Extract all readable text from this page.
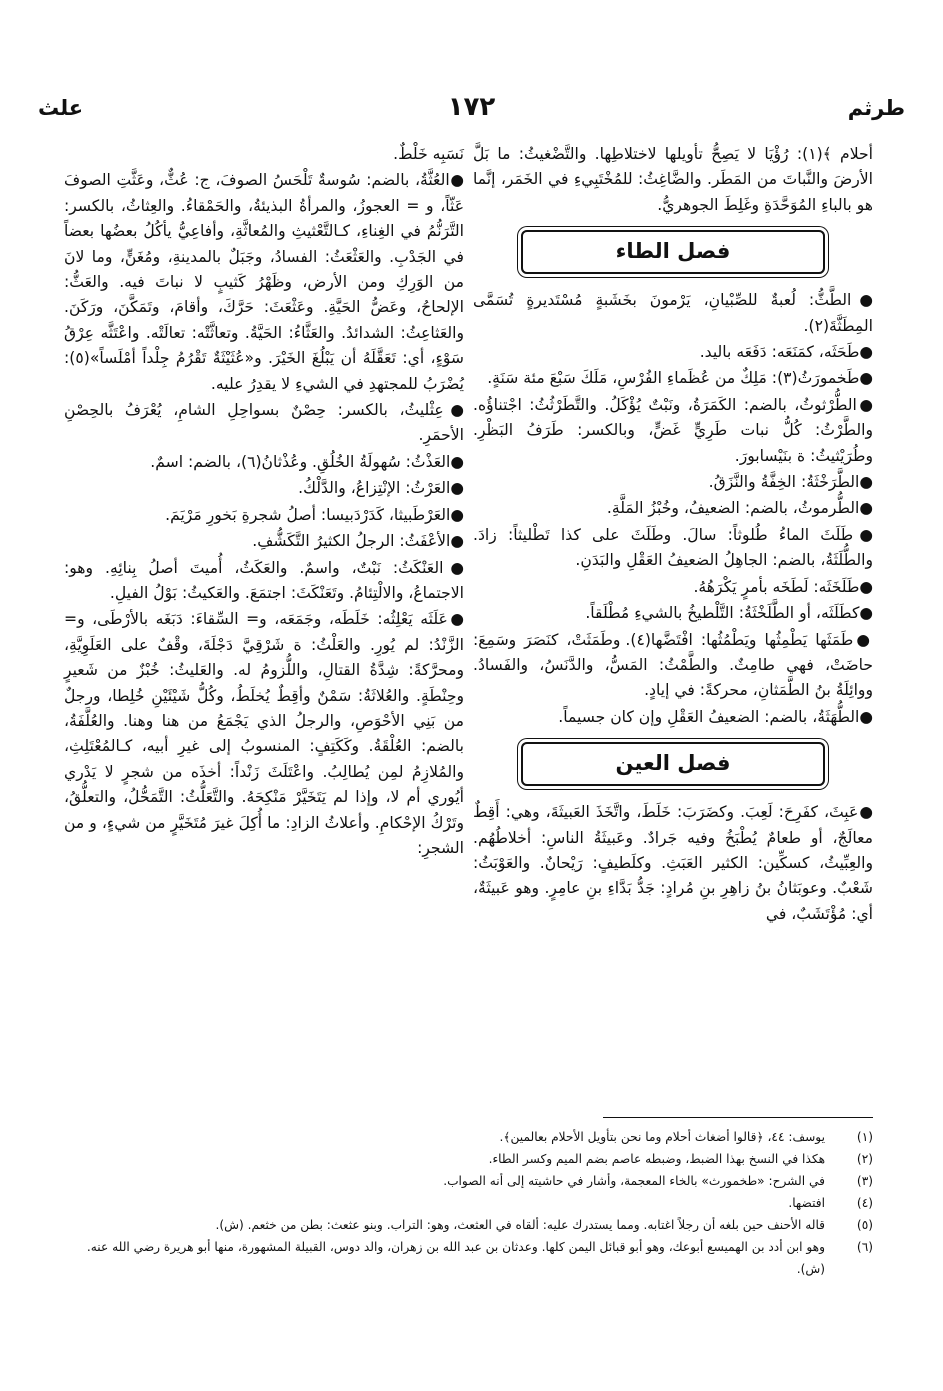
طرثم
١٧٢
علث

أحلام ﴾(١): رُؤْيَا لا يَصِحُّ تأويلها لاختلاطِها. والتَّضْغيثُ: ما بَلَّ الأرضَ والنَّباتَ من المَطَر. والضَّاغِثُ: للمُخْتَبِيءِ في الخَمَر، إنَّما هو بالباءِ المُوَحَّدَةِ وغَلِطَ الجوهريُّ.

فصل الطاء

●الطَّثُّ: لُعبةٌ للصِّبْيانِ، يَرْمونَ بخَشَبةٍ مُسْتَديرةٍ تُسَمَّى المِطَثَّةَ(٢).

●طَحَثَه، كمَنَعَه: دَفَعَه باليد.

●طَخمورَثُ(٣): مَلِكٌ من عُظَماءِ الفُرْسِ، مَلَكَ سَبْعَ مئة سَنَةٍ.

●الطُّرْثوثُ، بالضم: الكَمَرَةُ، ونَبْتٌ يُؤْكَلُ. والتَّطَرْثُثُ: اجْتناؤُه. والطَّرْثُ: كُلُّ نبات طَرِيٍّ غَضٍّ، وبالكسر: طَرَفُ البَظْرِ. وطُرَيْثيثُ: ة بنَيْسابورَ.

●الطَّرَخْثَةُ: الخِفَّةُ والنَّزَقُ.

●الطُّرموثُ، بالضم: الضعيفُ، وخُبْزُ المَلَّةِ.

●طَلَثَ الماءُ طُلوثاً: سالَ. وطَلَثَ على كذا تَطْليثاً: زادَ. والطُّلَثَةُ، بالضم: الجاهِلُ الضعيفُ العَقْلِ والبَدَنِ.

●طَلَخَثَه: لَطَخَه بأمرٍ يَكْرَهُهُ.

●كطَلَثَه، أو الطَّلَخْثَةُ: التَّلْطيخُ بالشيءِ مُطْلَقاً.

●طَمَثَها يَطْمِثُها ويَطْمُثُها: افْتَضَّها(٤). وطَمَثَتْ، كنَصَرَ وسَمِعَ: حاضَتْ، فهي طامِثٌ. والطَّمْثُ: المَسُّ، والدَّنَسُ، والفَسادُ. ووائِلَةُ بنُ الطَّمَثانِ، محركةً: في إيادٍ.

●الطُّهَثَةُ، بالضم: الضعيفُ العَقْلِ وإن كان جسيماً.

فصل العين

●عَبِثَ، كفَرِحَ: لَعِبَ. وكضَرَبَ: خَلَطَ، واتَّخَذَ العَبيثَةَ، وهي: أَقِطٌ معالَجٌ، أو طعامٌ يُطْبَخُ وفيه جَرادٌ. وعَبيثَةُ الناسِ: أخلاطُهُم. والعِبِّيثُ، كسكِّين: الكثير العَبَثِ. وكلَطيفٍ: رَيْحانٌ. والعَوْبَثُ: شَعْبٌ. وعوبَثانُ بنُ زاهِرِ بنِ مُرادٍ: جَدُّ بَدَّاءِ بنِ عامِرٍ. وهو عَبيثَةٌ، أي: مُؤْتَشَبٌ، في

نَسَبِه خَلْطٌ.

●العُثَّةُ، بالضم: سُوسةٌ تَلْحَسُ الصوفَ، ج: عُثٌّ، وعَثَّتِ الصوفَ عَثّاً، و = العجوزُ، والمرأةُ البذيئةُ، والحَمْقاءُ. والعِثاثُ، بالكسر: التَّرَنُّمُ في الغِناءِ، كـالتَّعْثيثِ والمُعاثَّةِ، وأفاعِيُّ يأكُلُ بعضُها بعضاً في الجَدْبِ. والعَثْعَثُ: الفسادُ، وجَبَلٌ بالمدينةِ، ومُغَنٍّ، وما لانَ من الوَرِكِ ومن الأرض، وظَهْرُ كَثيبٍ لا نباتَ فيه. والعَثُّ: الإلحاحُ، وعَضُّ الحَيَّةِ. وعَثْعَثَ: حَرَّكَ، وأقامَ، وتَمَكَّنَ، ورَكَنَ. والعَثاعِثُ: الشدائدُ. والعَثَّاءُ: الحَيَّةُ. وتعاثَّتْه: تعالَتْه. واعْتَثَّه عِرْقُ سَوْءٍ، أي: تَعَقَّلَهُ أن يَبْلُغَ الخَيْرَ. و«عُثَيْثَةٌ تَقْرُمُ جِلْداً أمْلَساً»(٥): يُضْرَبُ للمجتهدِ في الشيءِ لا يقدِرُ عليه.

●عِثْليثُ، بالكسر: حِصْنٌ بسواحِلِ الشامِ، يُعْرَفُ بالحِصْنِ الأحمَرِ.

●العَذْثُ: سُهولَةُ الخُلُقِ. وعُذْثانُ(٦)، بالضم: اسمٌ.

●العَرْثُ: الإنْتِزاعُ، والدَّلْكُ.

●العَرْطَبيثا، كَدَرْدَبيسا: أصلُ شجرةِ بَخورِ مَرْيَمَ.

●الأعْفَثُ: الرجلُ الكثيرُ التَّكَشُّفِ.

●العَنْكَثُ: نَبْتٌ، واسمٌ. والعَكَثُ، أُميتَ أصلُ بِنائِهِ. وهو: الاجتماعُ، والالْتِئامُ. وتَعَنْكَثَ: اجتمَعَ. والعَكيثُ: بَوْلُ الفيلِ.

●عَلَثَه يَعْلِثُه: خَلَطَه، وجَمَعَه، و= السِّقاءَ: دَبَغَه بالأرْطَى، و= الزَّنْدُ: لم يُورِ. والعَلْثُ: ة شَرْقِيَّ دَجْلَةَ، وقْفٌ على العَلَوِيَّةِ، ومحرَّكةً: شِدَّةُ القتالِ، واللُّزومُ له. والعَليثُ: خُبْزٌ من شَعيرٍ وحِنْطَةٍ. والعُلاثَةُ: سَمْنٌ وأقِطٌ يُخلَطُ، وكُلُّ شَيْئَيْنِ خُلِطا، ورجلٌ من بَنِي الأحْوَصِ، والرجلُ الذي يَجْمَعُ من هنا وهنا. والعُلَّفَةُ، بالضم: العُلْقَةُ. وكَكَتِفٍ: المنسوبُ إلى غيرِ أبيه، كـالمُعْتَلِثِ، والمُلازِمُ لمِن يُطالِبُ. واعْتَلَثَ زَنْداً: أخذَه من شجرٍ لا يَدْري أيُوري أم لا، وإذا لم يَتَخَيَّرْ مَنْكِحَهُ. والتَّعَلُّثُ: التَّمَحُّلُ، والتعلُّقُ، وتَرْكُ الإحْكامِ. وأعلاثُ الزادِ: ما أُكِلَ غيرَ مُتَخَيَّرٍ من شيءٍ، و من الشجرِ:

(١)
يوسف: ٤٤، ﴿قالوا أضغاث أحلام وما نحن بتأويل الأحلام بعالمين﴾.
(٢)
هكذا في النسخ بهذا الضبط، وضبطه عاصم بضم الميم وكسر الطاء.
(٣)
في الشرح: «طخمورث» بالخاء المعجمة، وأشار في حاشيته إلى أنه الصواب.
(٤)
افتضها.
(٥)
قاله الأحنف حين بلغه أن رجلاً اغتابه. ومما يستدرك عليه: ألقاه في العثعث، وهو: التراب. وبنو عثعث: بطن من خثعم. (ش).
(٦)
وهو ابن أدد بن الهميسع أبوعك، وهو أبو قبائل اليمن كلها. وعدثان بن عبد الله بن زهران، والد دوس، القبيلة المشهورة، منها أبو هريرة رضي الله عنه. (ش).
